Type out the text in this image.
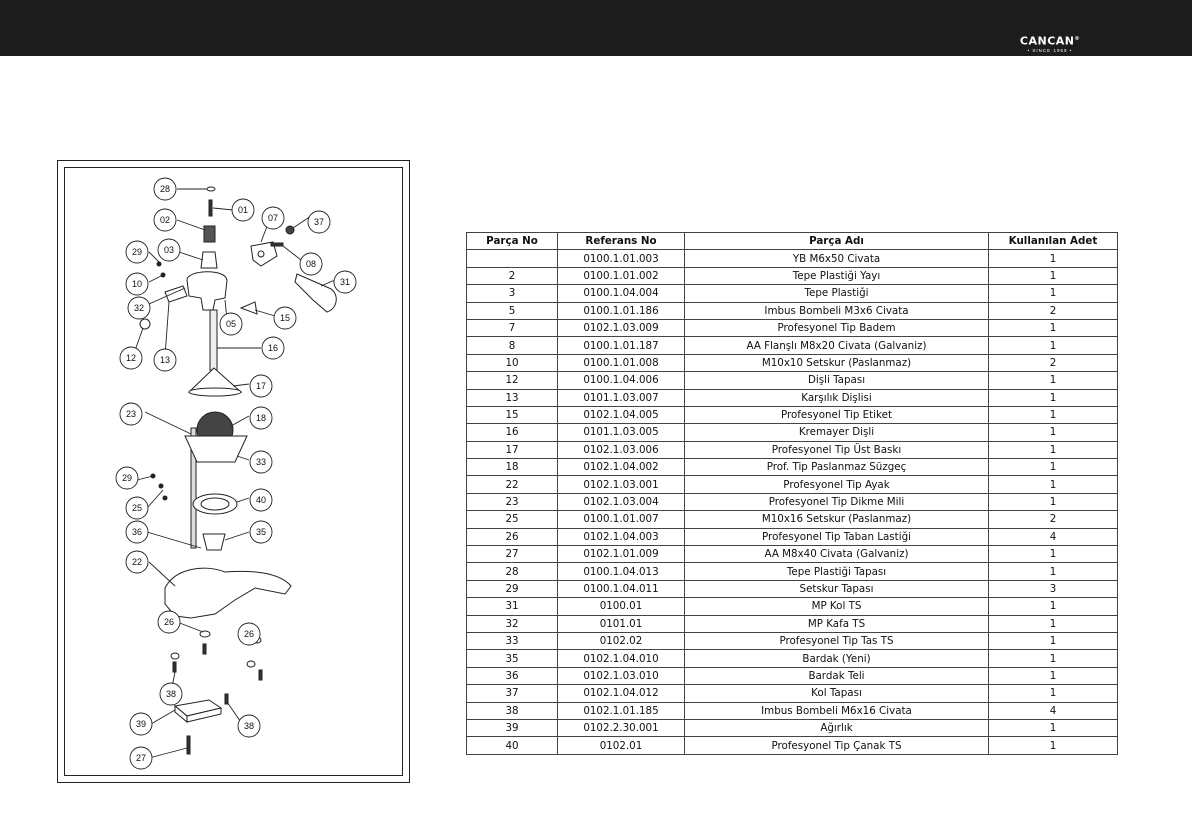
CANCAN®
• SINCE 1959 •
28
01
02	07	37
29 03
08
10	31
32
05
15
12	13
16
17
23	18
33
29
25
40
36	35
22
26
26
38
38
39
27
Parça No	Referans No	Parça Adı	Kullanılan Adet
	0100.1.01.003	YB M6x50 Civata	1
2	0100.1.01.002	Tepe Plastiği Yayı	1
3	0100.1.04.004	Tepe Plastiği	1
5	0100.1.01.186	Imbus Bombeli M3x6 Civata	2
7	0102.1.03.009	Profesyonel Tip Badem	1
8	0100.1.01.187	AA Flanşlı M8x20 Civata (Galvaniz)	1
10	0100.1.01.008	M10x10 Setskur (Paslanmaz)	2
12	0100.1.04.006	Dişli Tapası	1
13	0101.1.03.007	Karşılık Dişlisi	1
15	0102.1.04.005	Profesyonel Tip Etiket	1
16	0101.1.03.005	Kremayer Dişli	1
17	0102.1.03.006	Profesyonel Tip Üst Baskı	1
18	0102.1.04.002	Prof. Tip Paslanmaz Süzgeç	1
22	0102.1.03.001	Profesyonel Tip Ayak	1
23	0102.1.03.004	Profesyonel Tip Dikme Mili	1
25	0100.1.01.007	M10x16 Setskur (Paslanmaz)	2
26	0102.1.04.003	Profesyonel Tip Taban Lastiği	4
27	0102.1.01.009	AA M8x40 Civata (Galvaniz)	1
28	0100.1.04.013	Tepe Plastiği Tapası	1
29	0100.1.04.011	Setskur Tapası	3
31	0100.01	MP Kol TS	1
32	0101.01	MP Kafa TS	1
33	0102.02	Profesyonel Tip Tas TS	1
35	0102.1.04.010	Bardak (Yeni)	1
36	0102.1.03.010	Bardak Teli	1
37	0102.1.04.012	Kol Tapası	1
38	0102.1.01.185	Imbus Bombeli M6x16 Civata	4
39	0102.2.30.001	Ağırlık	1
40	0102.01	Profesyonel Tip Çanak TS	1
